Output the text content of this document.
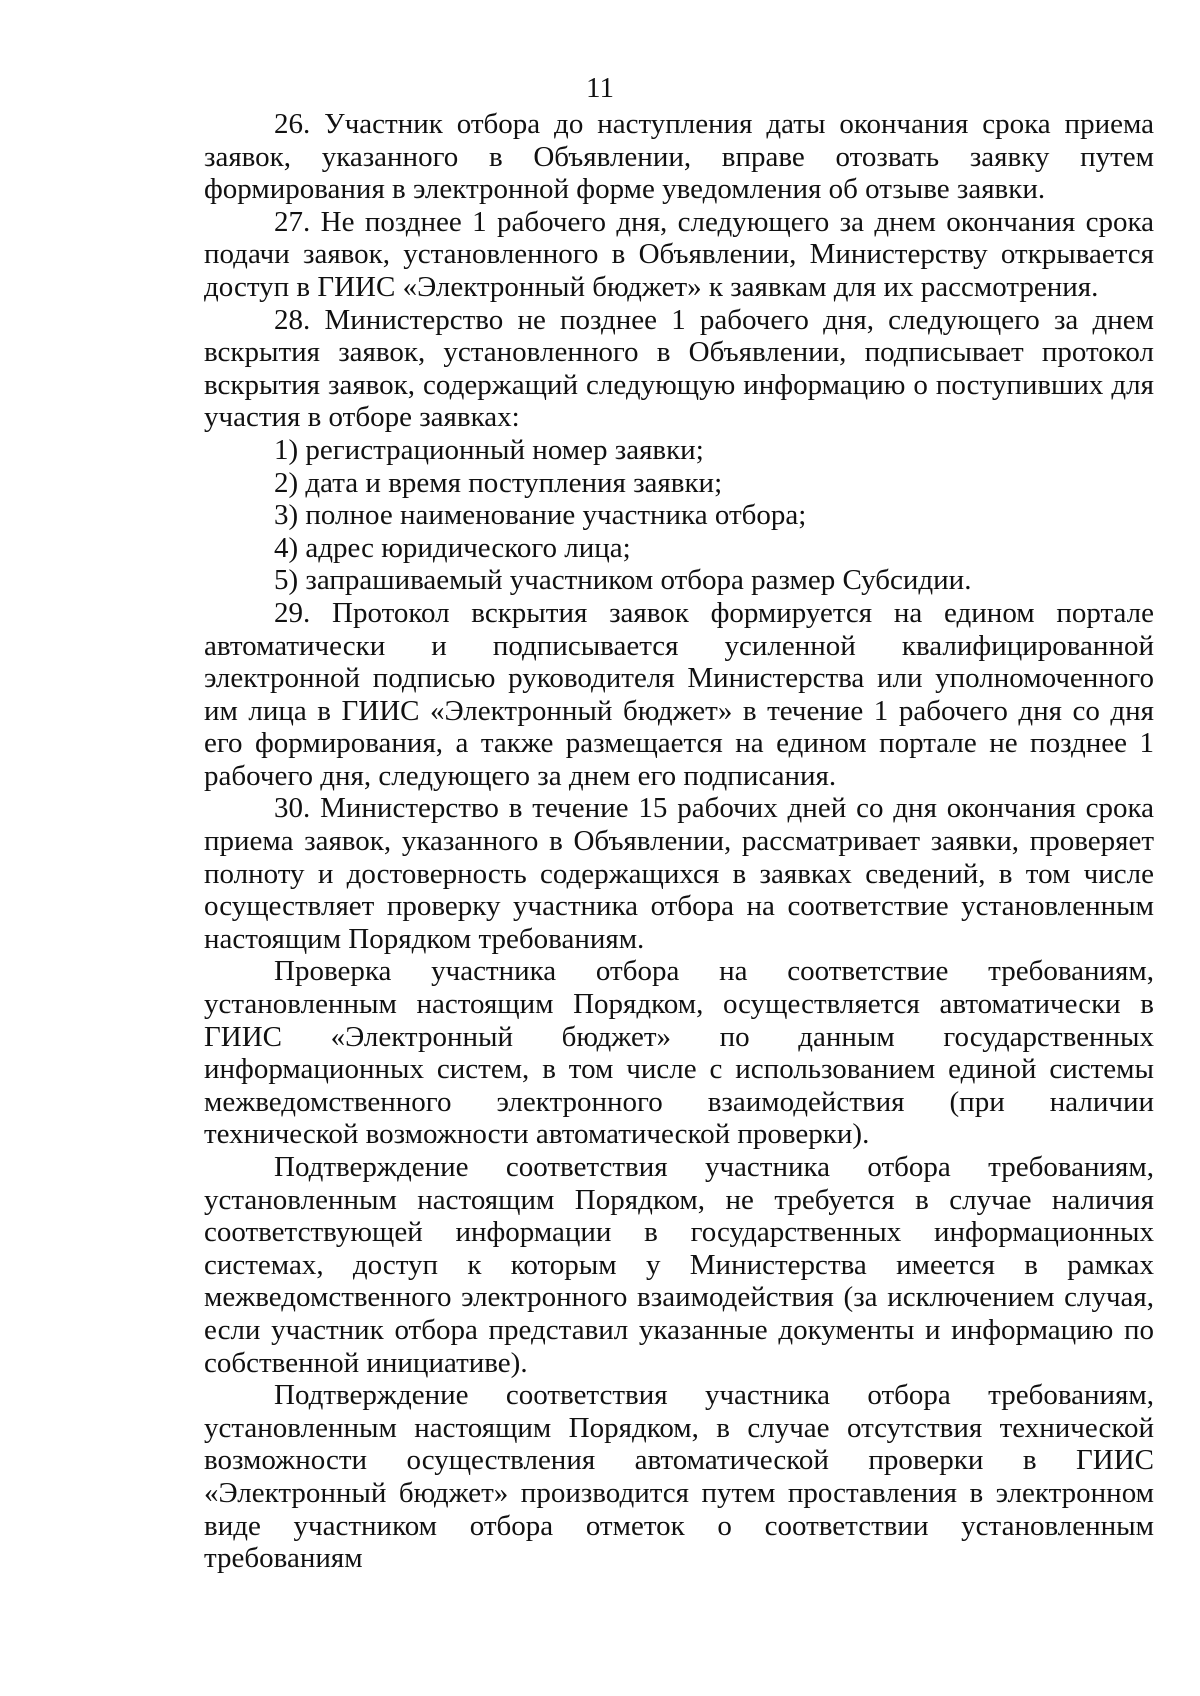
11

26. Участник отбора до наступления даты окончания срока приема заявок, указанного в Объявлении, вправе отозвать заявку путем формирования в электронной форме уведомления об отзыве заявки.

27. Не позднее 1 рабочего дня, следующего за днем окончания срока подачи заявок, установленного в Объявлении, Министерству открывается доступ в ГИИС «Электронный бюджет» к заявкам для их рассмотрения.

28. Министерство не позднее 1 рабочего дня, следующего за днем вскрытия заявок, установленного в Объявлении, подписывает протокол вскрытия заявок, содержащий следующую информацию о поступивших для участия в отборе заявках:

1) регистрационный номер заявки;

2) дата и время поступления заявки;

3) полное наименование участника отбора;

4) адрес юридического лица;

5) запрашиваемый участником отбора размер Субсидии.

29. Протокол вскрытия заявок формируется на едином портале автоматически и подписывается усиленной квалифицированной электронной подписью руководителя Министерства или уполномоченного им лица в ГИИС «Электронный бюджет» в течение 1 рабочего дня со дня его формирования, а также размещается на едином портале не позднее 1 рабочего дня, следующего за днем его подписания.

30. Министерство в течение 15 рабочих дней со дня окончания срока приема заявок, указанного в Объявлении, рассматривает заявки, проверяет полноту и достоверность содержащихся в заявках сведений, в том числе осуществляет проверку участника отбора на соответствие установленным настоящим Порядком требованиям.

Проверка участника отбора на соответствие требованиям, установленным настоящим Порядком, осуществляется автоматически в ГИИС «Электронный бюджет» по данным государственных информационных систем, в том числе с использованием единой системы межведомственного электронного взаимодействия (при наличии технической возможности автоматической проверки).

Подтверждение соответствия участника отбора требованиям, установленным настоящим Порядком, не требуется в случае наличия соответствующей информации в государственных информационных системах, доступ к которым у Министерства имеется в рамках межведомственного электронного взаимодействия (за исключением случая, если участник отбора представил указанные документы и информацию по собственной инициативе).

Подтверждение соответствия участника отбора требованиям, установленным настоящим Порядком, в случае отсутствия технической возможности осуществления автоматической проверки в ГИИС «Электронный бюджет» производится путем проставления в электронном виде участником отбора отметок о соответствии установленным требованиям
